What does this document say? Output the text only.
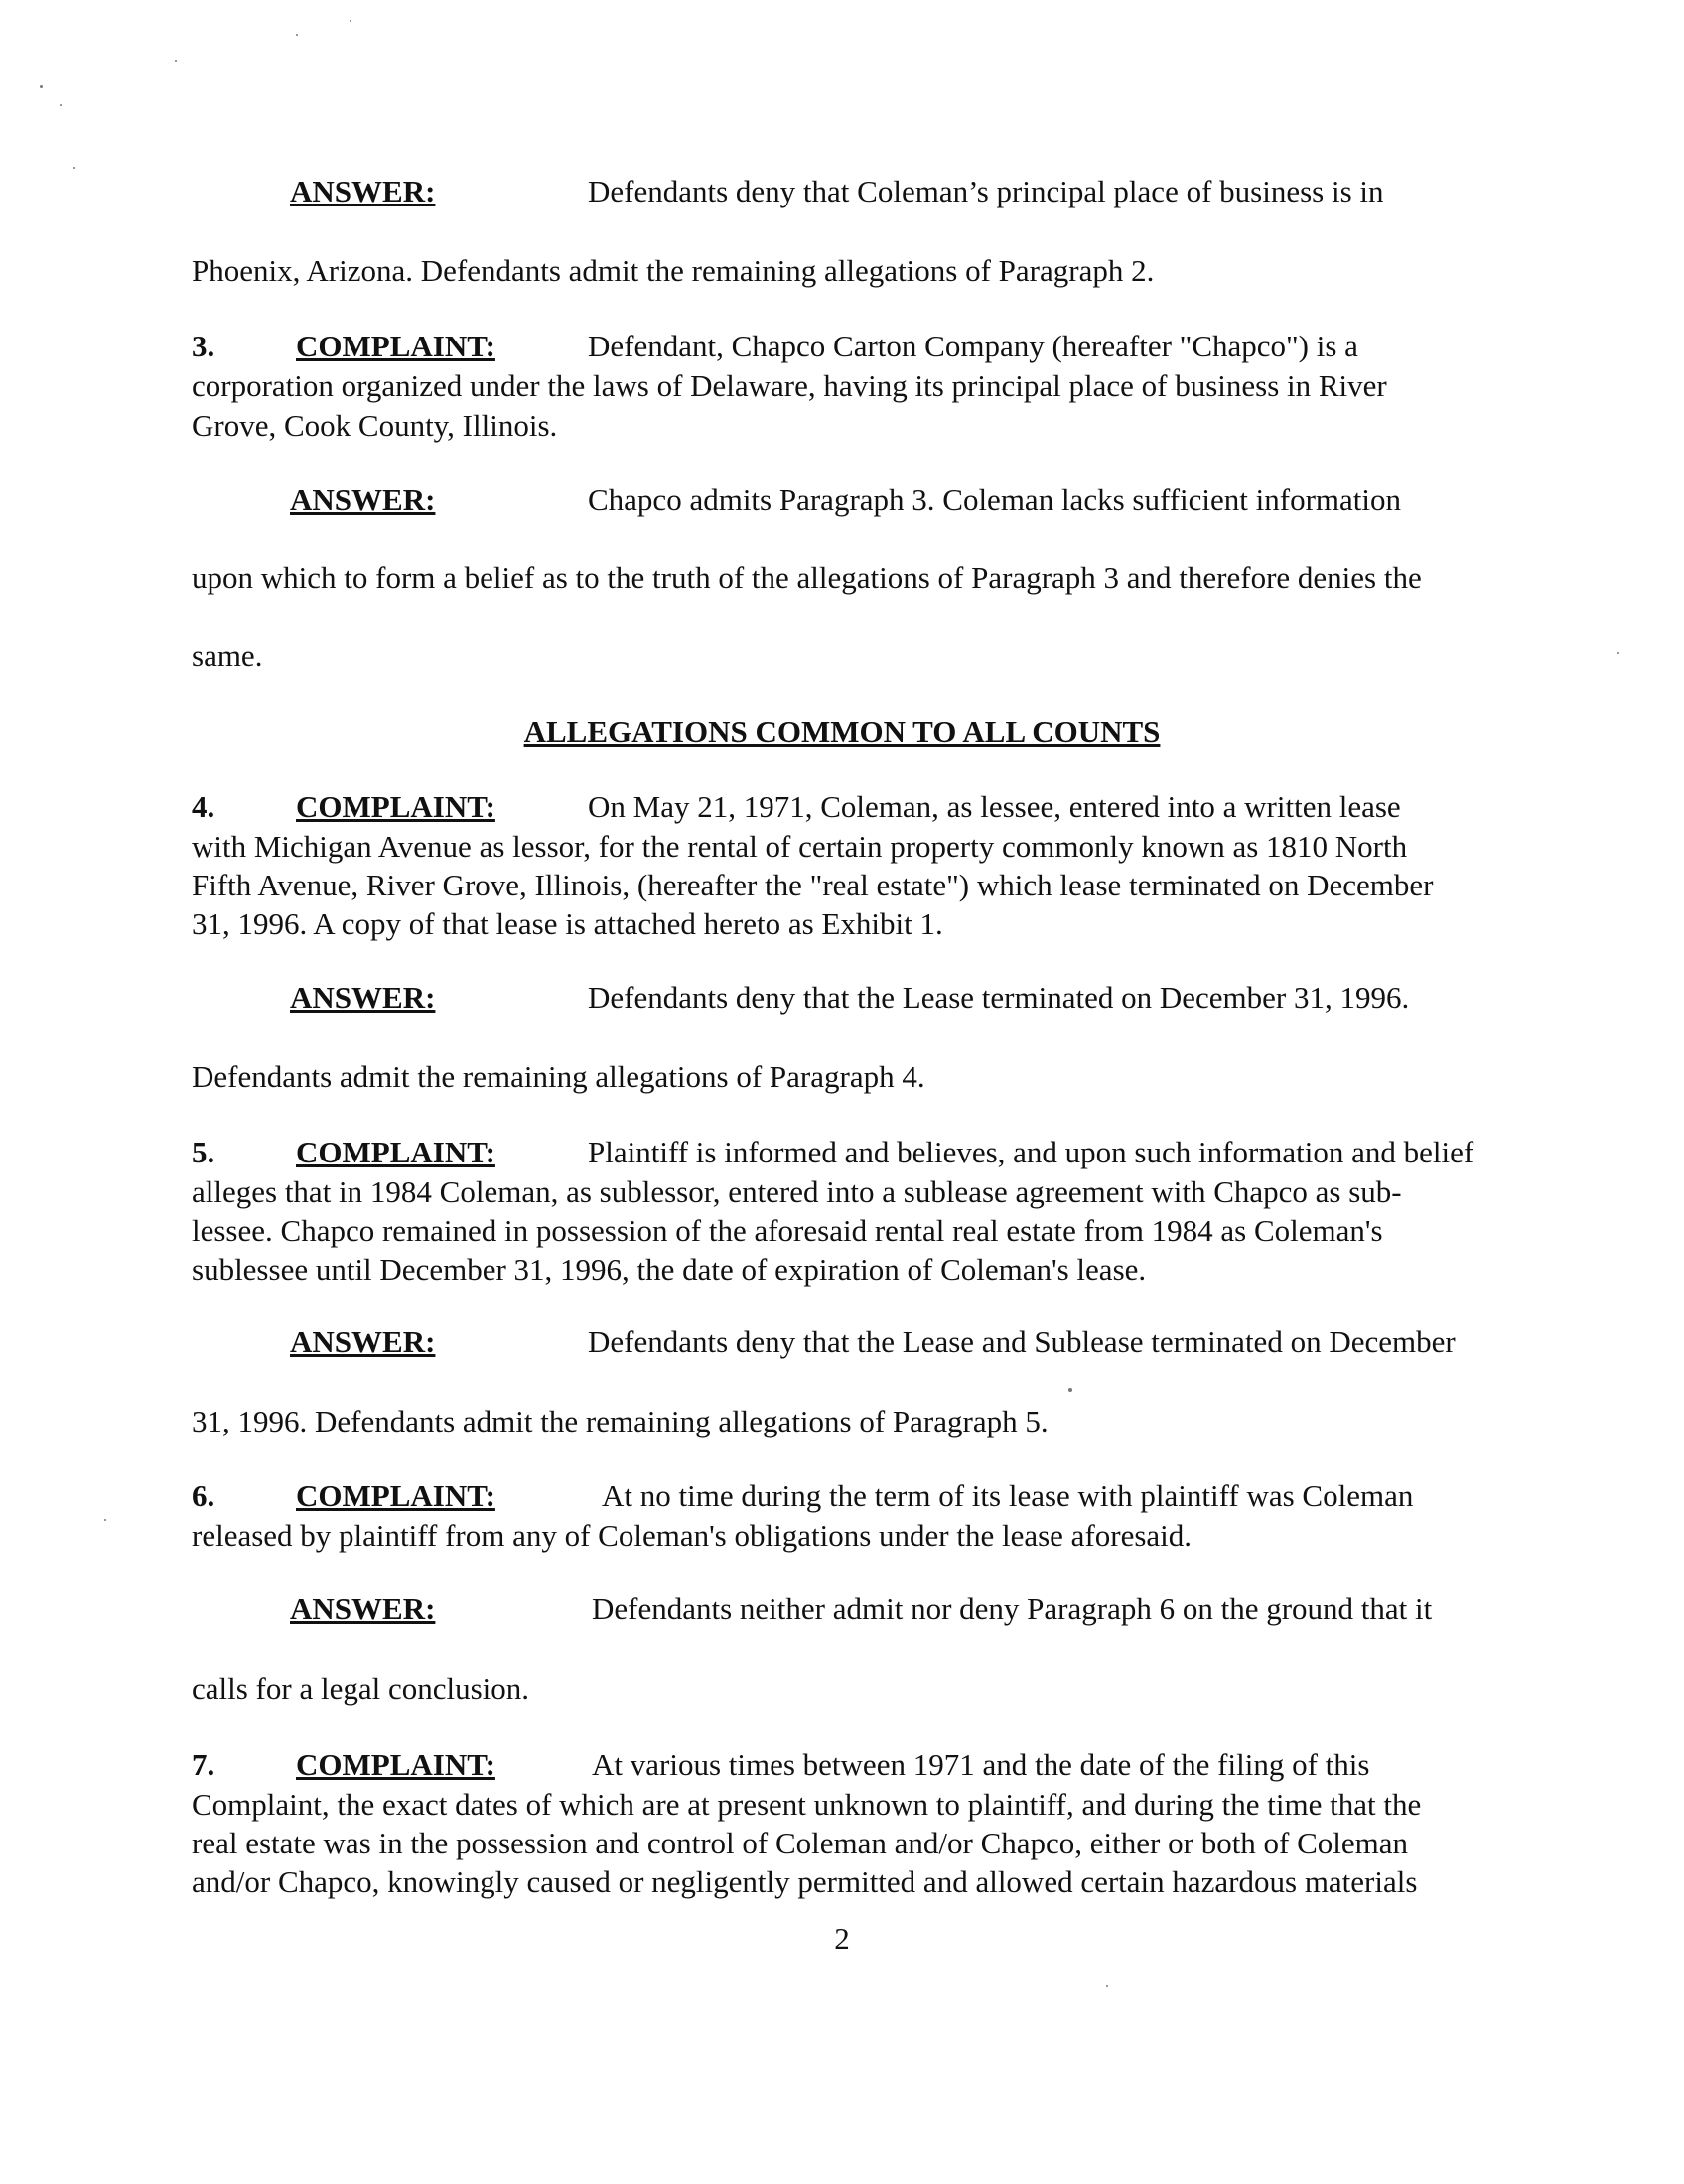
ANSWER:	Defendants deny that Coleman’s principal place of business is in
Phoenix, Arizona. Defendants admit the remaining allegations of Paragraph 2.
3.	COMPLAINT:	Defendant, Chapco Carton Company (hereafter "Chapco") is a
corporation organized under the laws of Delaware, having its principal place of business in River
Grove, Cook County, Illinois.
ANSWER:	Chapco admits Paragraph 3. Coleman lacks sufficient information
upon which to form a belief as to the truth of the allegations of Paragraph 3 and therefore denies the
same.
ALLEGATIONS COMMON TO ALL COUNTS
4.	COMPLAINT:	On May 21, 1971, Coleman, as lessee, entered into a written lease
with Michigan Avenue as lessor, for the rental of certain property commonly known as 1810 North
Fifth Avenue, River Grove, Illinois, (hereafter the "real estate") which lease terminated on December
31, 1996. A copy of that lease is attached hereto as Exhibit 1.
ANSWER:	Defendants deny that the Lease terminated on December 31, 1996.
Defendants admit the remaining allegations of Paragraph 4.
5.	COMPLAINT:	Plaintiff is informed and believes, and upon such information and belief
alleges that in 1984 Coleman, as sublessor, entered into a sublease agreement with Chapco as sub-
lessee. Chapco remained in possession of the aforesaid rental real estate from 1984 as Coleman's
sublessee until December 31, 1996, the date of expiration of Coleman's lease.
ANSWER:	Defendants deny that the Lease and Sublease terminated on December
31, 1996. Defendants admit the remaining allegations of Paragraph 5.
6.	COMPLAINT:	At no time during the term of its lease with plaintiff was Coleman
released by plaintiff from any of Coleman's obligations under the lease aforesaid.
ANSWER:	Defendants neither admit nor deny Paragraph 6 on the ground that it
calls for a legal conclusion.
7.	COMPLAINT:	At various times between 1971 and the date of the filing of this
Complaint, the exact dates of which are at present unknown to plaintiff, and during the time that the
real estate was in the possession and control of Coleman and/or Chapco, either or both of Coleman
and/or Chapco, knowingly caused or negligently permitted and allowed certain hazardous materials
2
